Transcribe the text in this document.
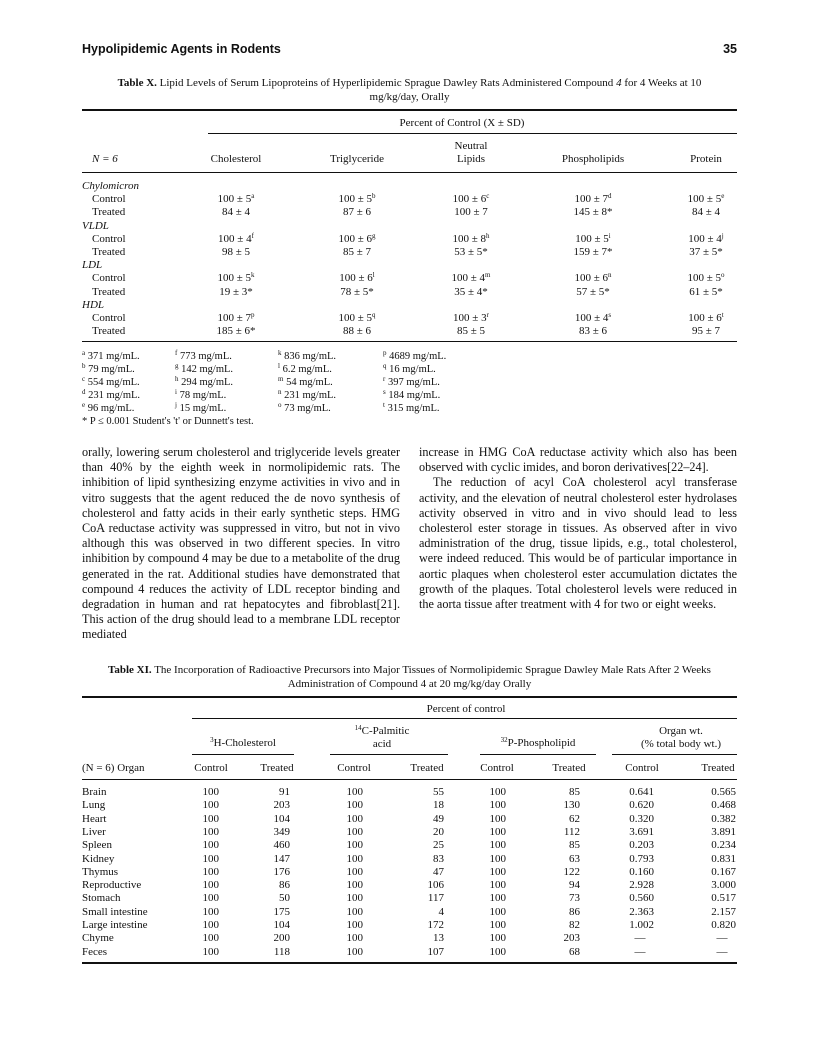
Hypolipidemic Agents in Rodents	35
Table X. Lipid Levels of Serum Lipoproteins of Hyperlipidemic Sprague Dawley Rats Administered Compound 4 for 4 Weeks at 10
mg/kg/day, Orally
Percent of Control (X ± SD)
N = 6	Cholesterol	Triglyceride
Neutral
Lipids	Phospholipids	Protein
Chylomicron
Control	$100 \pm 5^a$	$100 \pm 5^b$	$100 \pm 6^c$	$100 \pm 7^d$	$100 \pm 5^e$
Treated	84 ± 4	87 ± 6	100 ± 7	145 ± 8*	84 ± 4
VLDL
Control	$100 \pm 4^f$	$100 \pm 6^g$	$100 \pm 8^h$	$100 \pm 5^i$	$100 \pm 4^j$
Treated	98 ± 5	85 ± 7	53 ± 5*	159 ± 7*	37 ± 5*
LDL
Control	$100 \pm 5^k$	$100 \pm 6^l$	$100 \pm 4^m$	$100 \pm 6^n$	$100 \pm 5^o$
Treated	19 ± 3*	78 ± 5*	35 ± 4*	57 ± 5*	61 ± 5*
HDL
Control	$100 \pm 7^p$	$100 \pm 5^q$	$100 \pm 3^r$	$100 \pm 4^s$	$100 \pm 6^t$
Treated	185 ± 6*	88 ± 6	85 ± 5	83 ± 6	95 ± 7
$^a$ 371 mg/mL.	$^f$ 773 mg/mL.	$^k$ 836 mg/mL.	$^p$ 4689 mg/mL.
$^b$ 79 mg/mL.	$^g$ 142 mg/mL.	$^l$ 6.2 mg/mL.	$^q$ 16 mg/mL.
$^c$ 554 mg/mL.	$^h$ 294 mg/mL.	$^m$ 54 mg/mL.	$^r$ 397 mg/mL.
$^d$ 231 mg/mL.	$^i$ 78 mg/mL.	$^n$ 231 mg/mL.	$^s$ 184 mg/mL.
$^e$ 96 mg/mL.	$^j$ 15 mg/mL.	$^o$ 73 mg/mL.	$^t$ 315 mg/mL.
* P ≤ 0.001 Student's 't' or Dunnett's test.

orally, lowering serum cholesterol and triglyceride levels greater than 40% by the eighth week in normolipidemic rats. The inhibition of lipid synthesizing enzyme activities in vivo and in vitro suggests that the agent reduced the de novo synthesis of cholesterol and fatty acids in their early synthetic steps. HMG CoA reductase activity was suppressed in vitro, but not in vivo although this was observed in two different species. In vitro inhibition by compound 4 may be due to a metabolite of the drug generated in the rat. Additional studies have demonstrated that compound 4 reduces the activity of LDL receptor binding and degradation in human and rat hepatocytes and fibroblast[21]. This action of the drug should lead to a membrane LDL receptor mediated

increase in HMG CoA reductase activity which also has been observed with cyclic imides, and boron derivatives[22–24].

The reduction of acyl CoA cholesterol acyl transferase activity, and the elevation of neutral cholesterol ester hydrolases activity observed in vitro and in vivo should lead to less cholesterol ester storage in tissues. As observed after in vivo administration of the drug, tissue lipids, e.g., total cholesterol, were indeed reduced. This would be of particular importance in aortic plaques when cholesterol ester accumulation dictates the growth of the plaques. Total cholesterol levels were reduced in the aorta tissue after treatment with 4 for two or eight weeks.

Table XI. The Incorporation of Radioactive Precursors into Major Tissues of Normolipidemic Sprague Dawley Male Rats After 2 Weeks
Administration of Compound 4 at 20 mg/kg/day Orally
Percent of control
$^3$H-Cholesterol
$^{14}$C-Palmitic
acid	$^{32}$P-Phospholipid
Organ wt.
(% total body wt.)
(N = 6) Organ	Control	Treated	Control	Treated	Control	Treated	Control	Treated
Brain	100	91	100	55	100	85	0.641	0.565
Lung	100	203	100	18	100	130	0.620	0.468
Heart	100	104	100	49	100	62	0.320	0.382
Liver	100	349	100	20	100	112	3.691	3.891
Spleen	100	460	100	25	100	85	0.203	0.234
Kidney	100	147	100	83	100	63	0.793	0.831
Thymus	100	176	100	47	100	122	0.160	0.167
Reproductive	100	86	100	106	100	94	2.928	3.000
Stomach	100	50	100	117	100	73	0.560	0.517
Small intestine	100	175	100	4	100	86	2.363	2.157
Large intestine	100	104	100	172	100	82	1.002	0.820
Chyme	100	200	100	13	100	203	—	—
Feces	100	118	100	107	100	68	—	—
